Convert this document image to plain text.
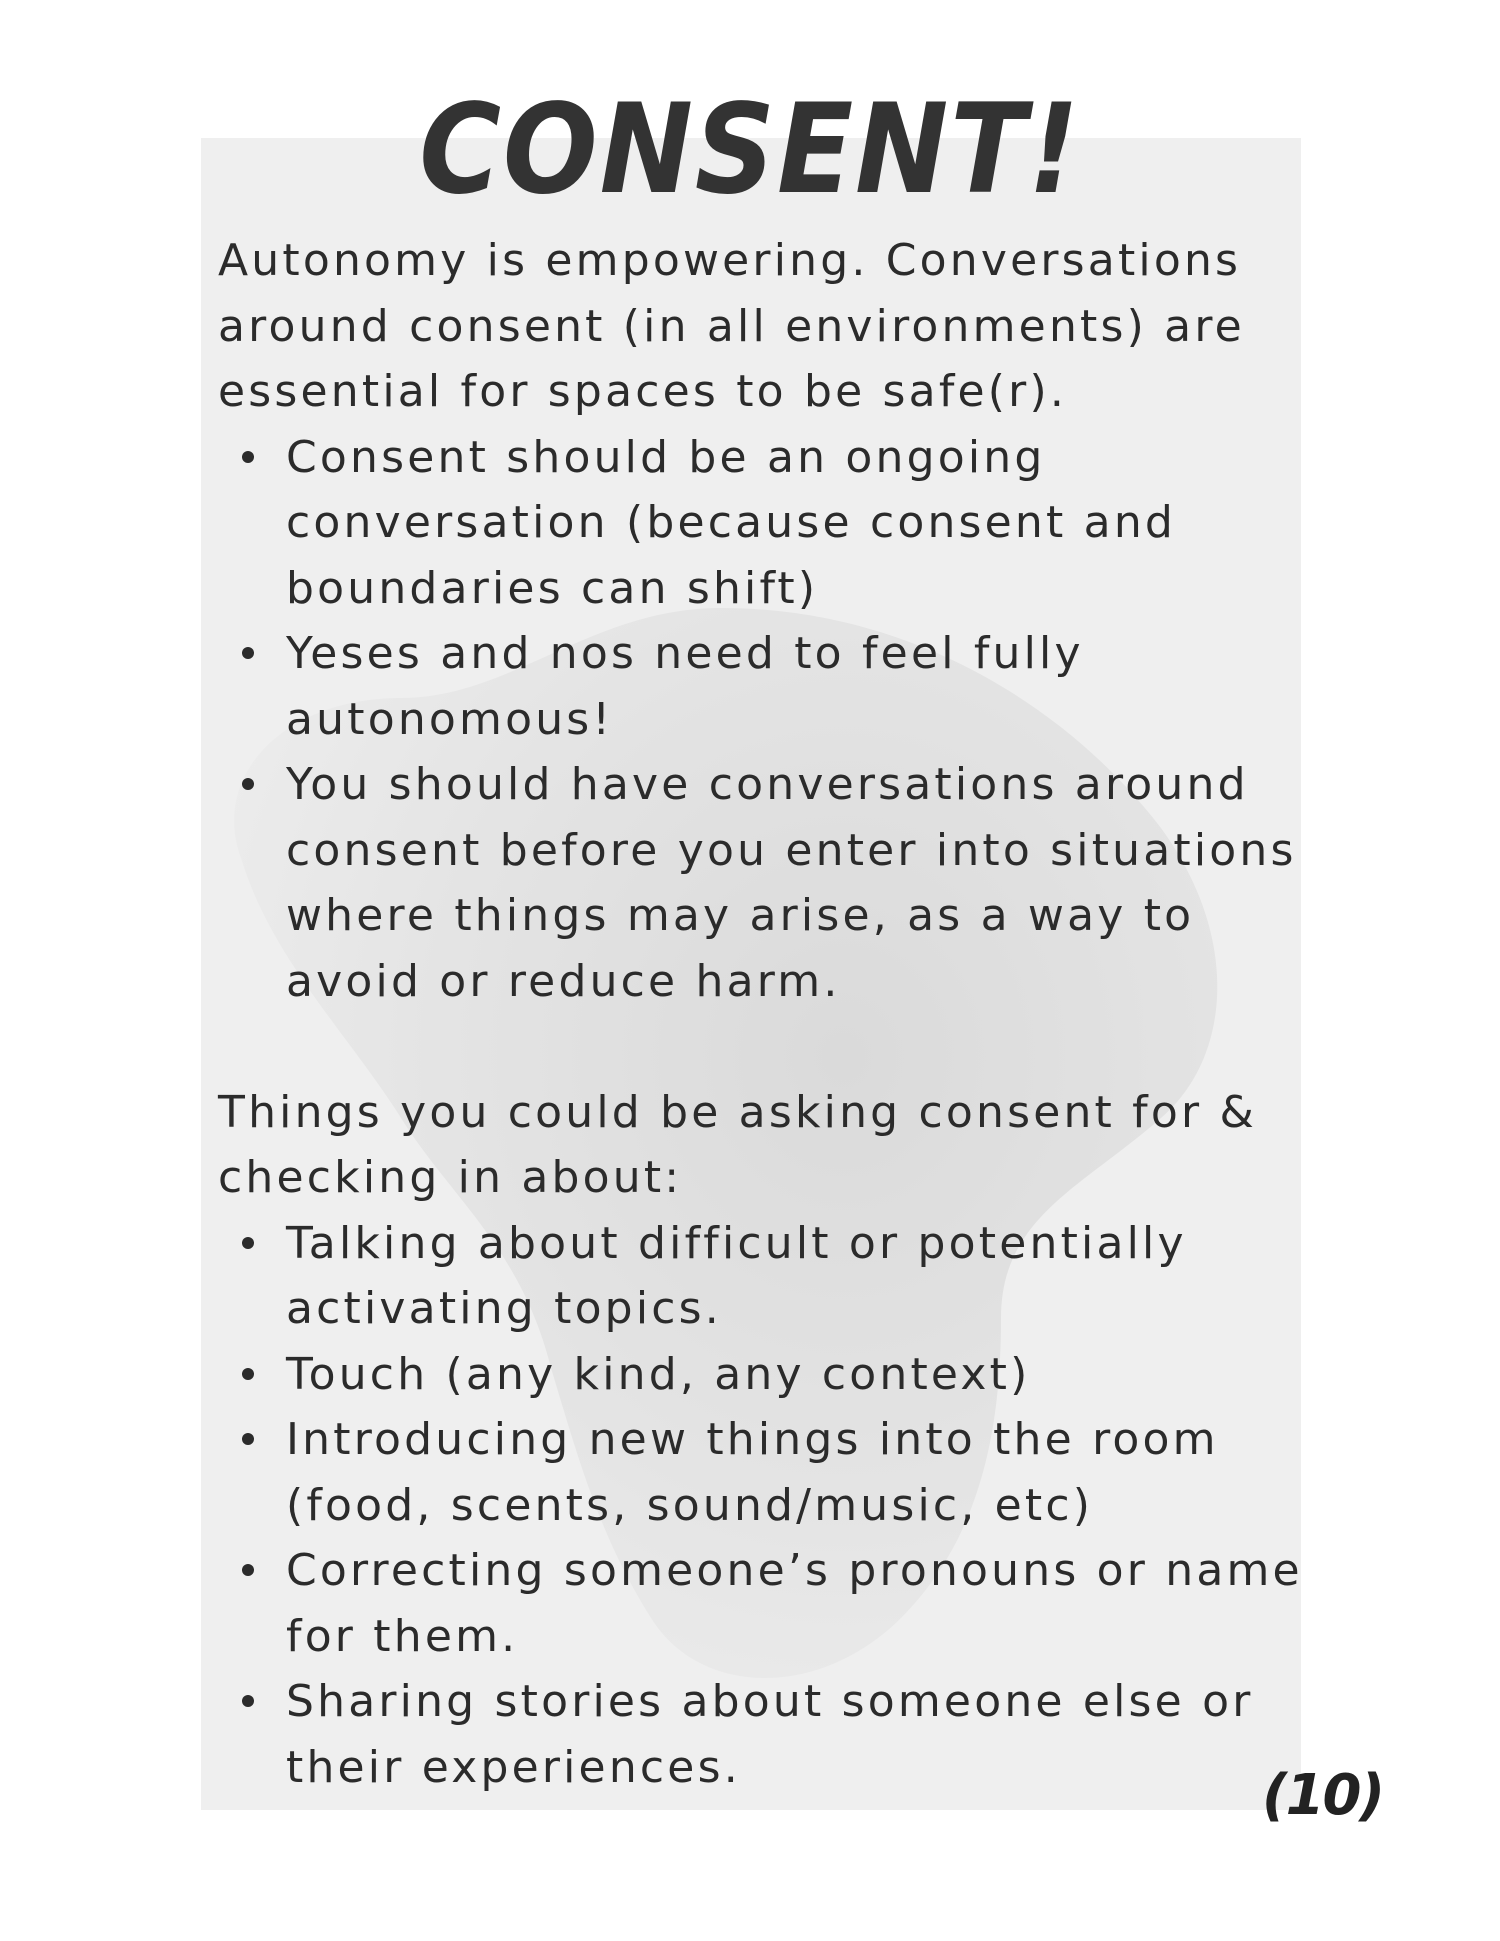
CONSENT!

Autonomy is empowering. Conversations around consent (in all environments) are essential for spaces to be safe(r).

Consent should be an ongoing conversation (because consent and boundaries can shift)
Yeses and nos need to feel fully autonomous!
You should have conversations around consent before you enter into situations where things may arise, as a way to avoid or reduce harm.

Things you could be asking consent for & checking in about:

Talking about difficult or potentially activating topics.
Touch (any kind, any context)
Introducing new things into the room (food, scents, sound/music, etc)
Correcting someone’s pronouns or name for them.
Sharing stories about someone else or their experiences.	(10)
